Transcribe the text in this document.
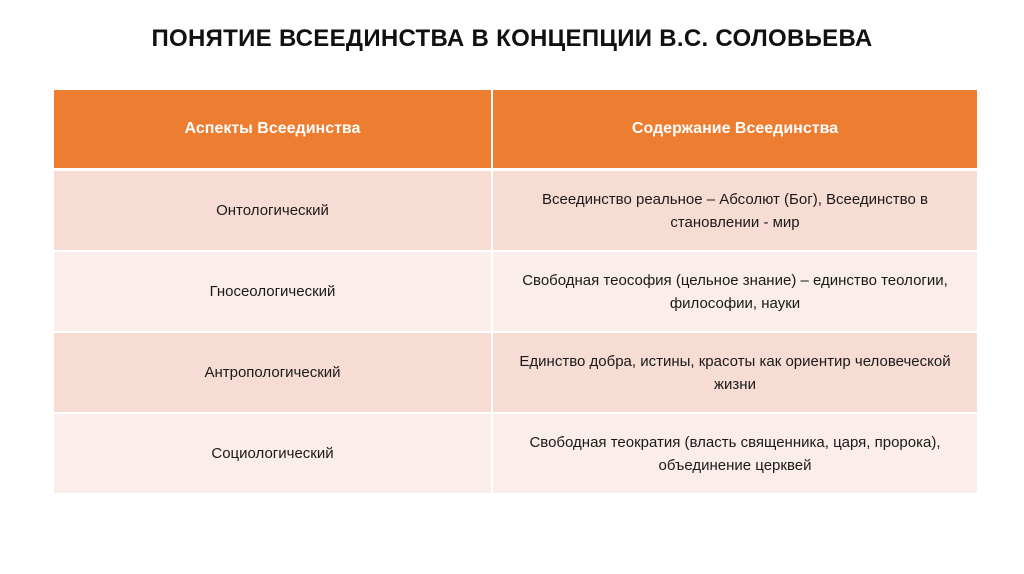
ПОНЯТИЕ ВСЕЕДИНСТВА В КОНЦЕПЦИИ В.С. СОЛОВЬЕВА
Аспекты Всеединства	Содержание Всеединства
Онтологический	Всеединство реальное – Абсолют (Бог), Всеединство в становлении - мир
Гносеологический	Свободная теософия (цельное знание) – единство теологии, философии, науки
Антропологический	Единство добра, истины, красоты как ориентир человеческой жизни
Социологический	Свободная теократия (власть священника, царя, пророка), объединение церквей
